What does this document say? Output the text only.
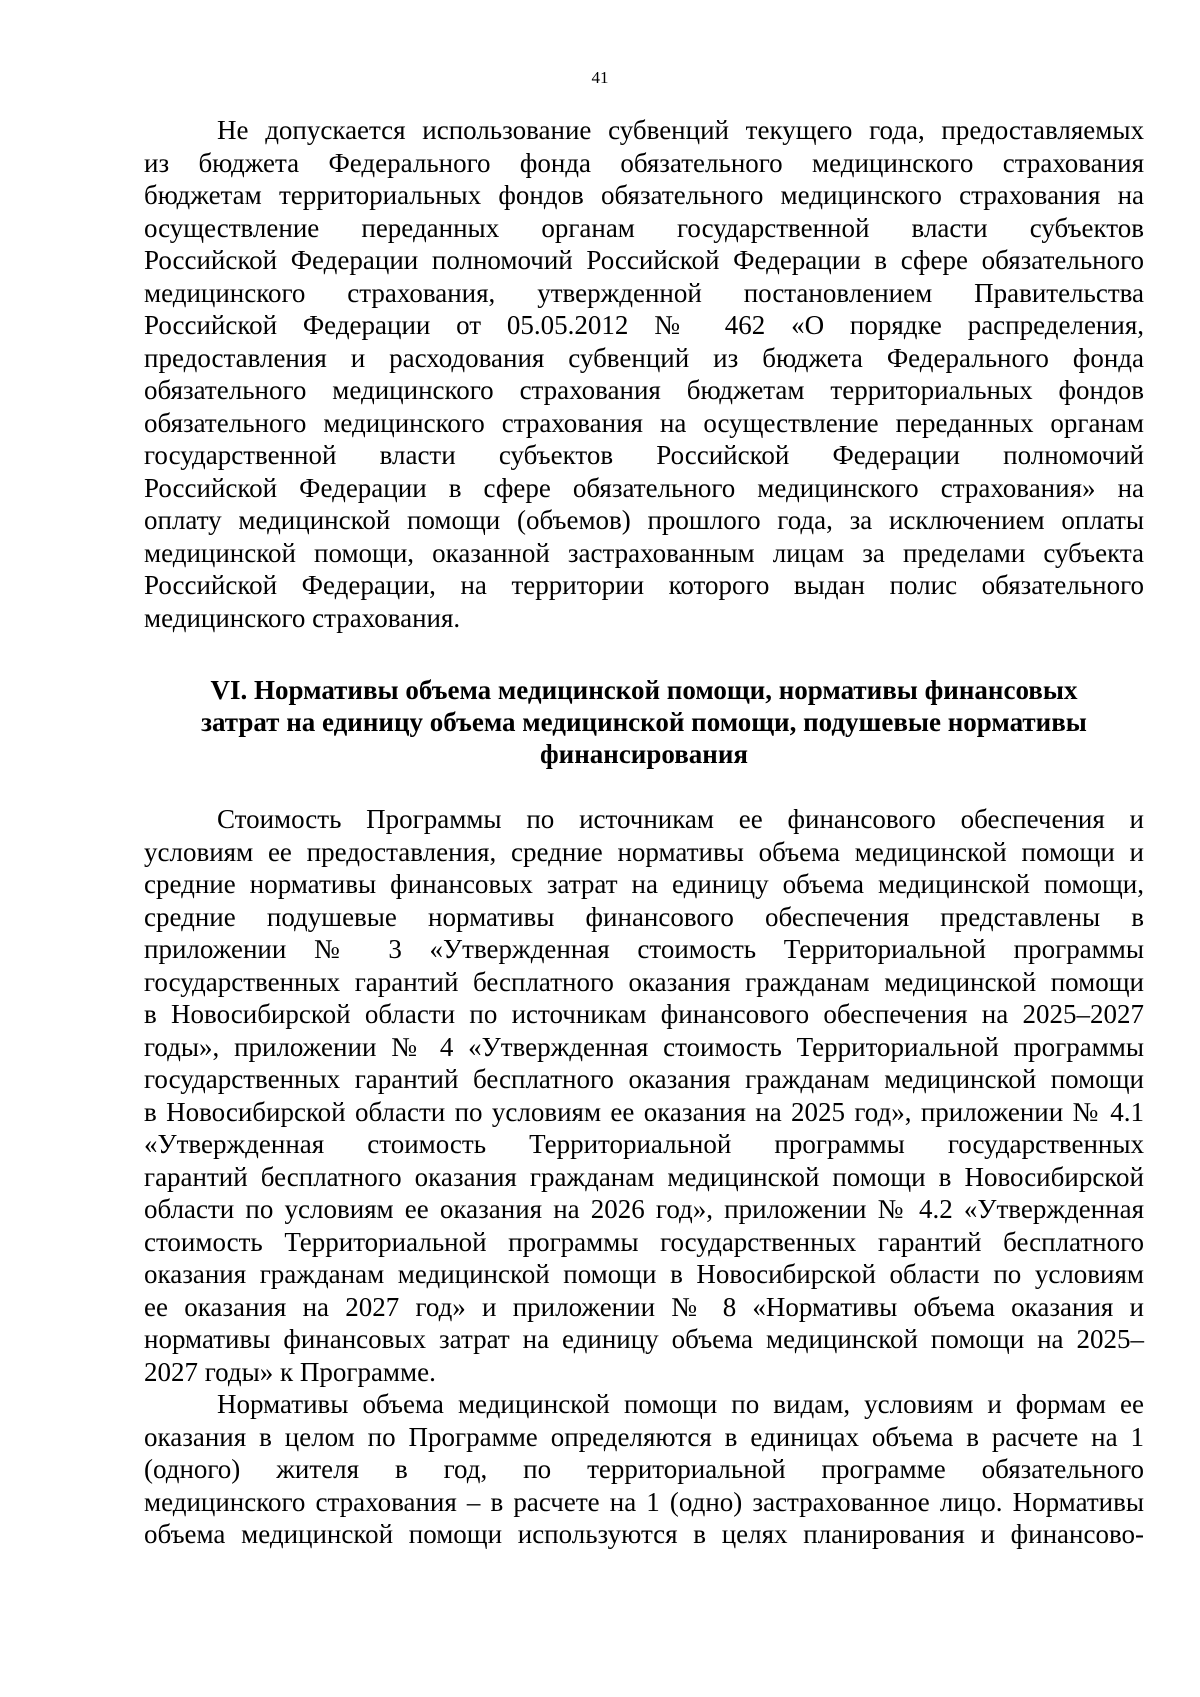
41
Не допускается использование субвенций текущего года, предоставляемых
из бюджета Федерального фонда обязательного медицинского страхования
бюджетам территориальных фондов обязательного медицинского страхования на
осуществление переданных органам государственной власти субъектов
Российской Федерации полномочий Российской Федерации в сфере обязательного
медицинского страхования, утвержденной постановлением Правительства
Российской Федерации от 05.05.2012 № 462 «О порядке распределения,
предоставления и расходования субвенций из бюджета Федерального фонда
обязательного медицинского страхования бюджетам территориальных фондов
обязательного медицинского страхования на осуществление переданных органам
государственной власти субъектов Российской Федерации полномочий
Российской Федерации в сфере обязательного медицинского страхования» на
оплату медицинской помощи (объемов) прошлого года, за исключением оплаты
медицинской помощи, оказанной застрахованным лицам за пределами субъекта
Российской Федерации, на территории которого выдан полис обязательного
медицинского страхования.
VI. Нормативы объема медицинской помощи, нормативы финансовых
затрат на единицу объема медицинской помощи, подушевые нормативы
финансирования
Стоимость Программы по источникам ее финансового обеспечения и
условиям ее предоставления, средние нормативы объема медицинской помощи и
средние нормативы финансовых затрат на единицу объема медицинской помощи,
средние подушевые нормативы финансового обеспечения представлены в
приложении № 3 «Утвержденная стоимость Территориальной программы
государственных гарантий бесплатного оказания гражданам медицинской помощи
в Новосибирской области по источникам финансового обеспечения на 2025–2027
годы», приложении № 4 «Утвержденная стоимость Территориальной программы
государственных гарантий бесплатного оказания гражданам медицинской помощи
в Новосибирской области по условиям ее оказания на 2025 год», приложении № 4.1
«Утвержденная стоимость Территориальной программы государственных
гарантий бесплатного оказания гражданам медицинской помощи в Новосибирской
области по условиям ее оказания на 2026 год», приложении № 4.2 «Утвержденная
стоимость Территориальной программы государственных гарантий бесплатного
оказания гражданам медицинской помощи в Новосибирской области по условиям
ее оказания на 2027 год» и приложении № 8 «Нормативы объема оказания и
нормативы финансовых затрат на единицу объема медицинской помощи на 2025–
2027 годы» к Программе.
Нормативы объема медицинской помощи по видам, условиям и формам ее
оказания в целом по Программе определяются в единицах объема в расчете на 1
(одного) жителя в год, по территориальной программе обязательного
медицинского страхования – в расчете на 1 (одно) застрахованное лицо. Нормативы
объема медицинской помощи используются в целях планирования и финансово-
